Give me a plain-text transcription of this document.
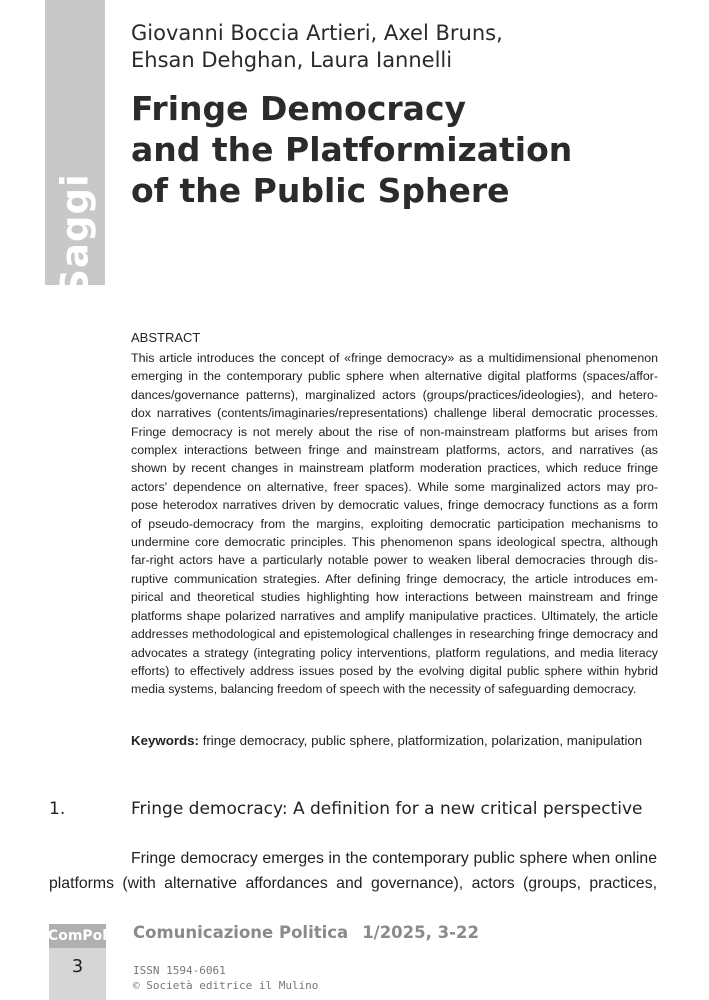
Saggi
Giovanni Boccia Artieri, Axel Bruns,
Ehsan Dehghan, Laura Iannelli
Fringe Democracy
and the Platformization
of the Public Sphere
ABSTRACT
This article introduces the concept of «fringe democracy» as a multidimensional phenomenon
emerging in the contemporary public sphere when alternative digital platforms (spaces/affor-
dances/governance patterns), marginalized actors (groups/practices/ideologies), and hetero-
dox narratives (contents/imaginaries/representations) challenge liberal democratic processes.
Fringe democracy is not merely about the rise of non-mainstream platforms but arises from
complex interactions between fringe and mainstream platforms, actors, and narratives (as
shown by recent changes in mainstream platform moderation practices, which reduce fringe
actors' dependence on alternative, freer spaces). While some marginalized actors may pro-
pose heterodox narratives driven by democratic values, fringe democracy functions as a form
of pseudo-democracy from the margins, exploiting democratic participation mechanisms to
undermine core democratic principles. This phenomenon spans ideological spectra, although
far-right actors have a particularly notable power to weaken liberal democracies through dis-
ruptive communication strategies. After defining fringe democracy, the article introduces em-
pirical and theoretical studies highlighting how interactions between mainstream and fringe
platforms shape polarized narratives and amplify manipulative practices. Ultimately, the article
addresses methodological and epistemological challenges in researching fringe democracy and
advocates a strategy (integrating policy interventions, platform regulations, and media literacy
efforts) to effectively address issues posed by the evolving digital public sphere within hybrid
media systems, balancing freedom of speech with the necessity of safeguarding democracy.
Keywords: fringe democracy, public sphere, platformization, polarization, manipulation
1.	Fringe democracy: A definition for a new critical perspective
Fringe democracy emerges in the contemporary public sphere when online
platforms (with alternative affordances and governance), actors (groups, practices,
ComPol
3
Comunicazione Politica 1/2025, 3-22
ISSN 1594-6061
© Società editrice il Mulino
